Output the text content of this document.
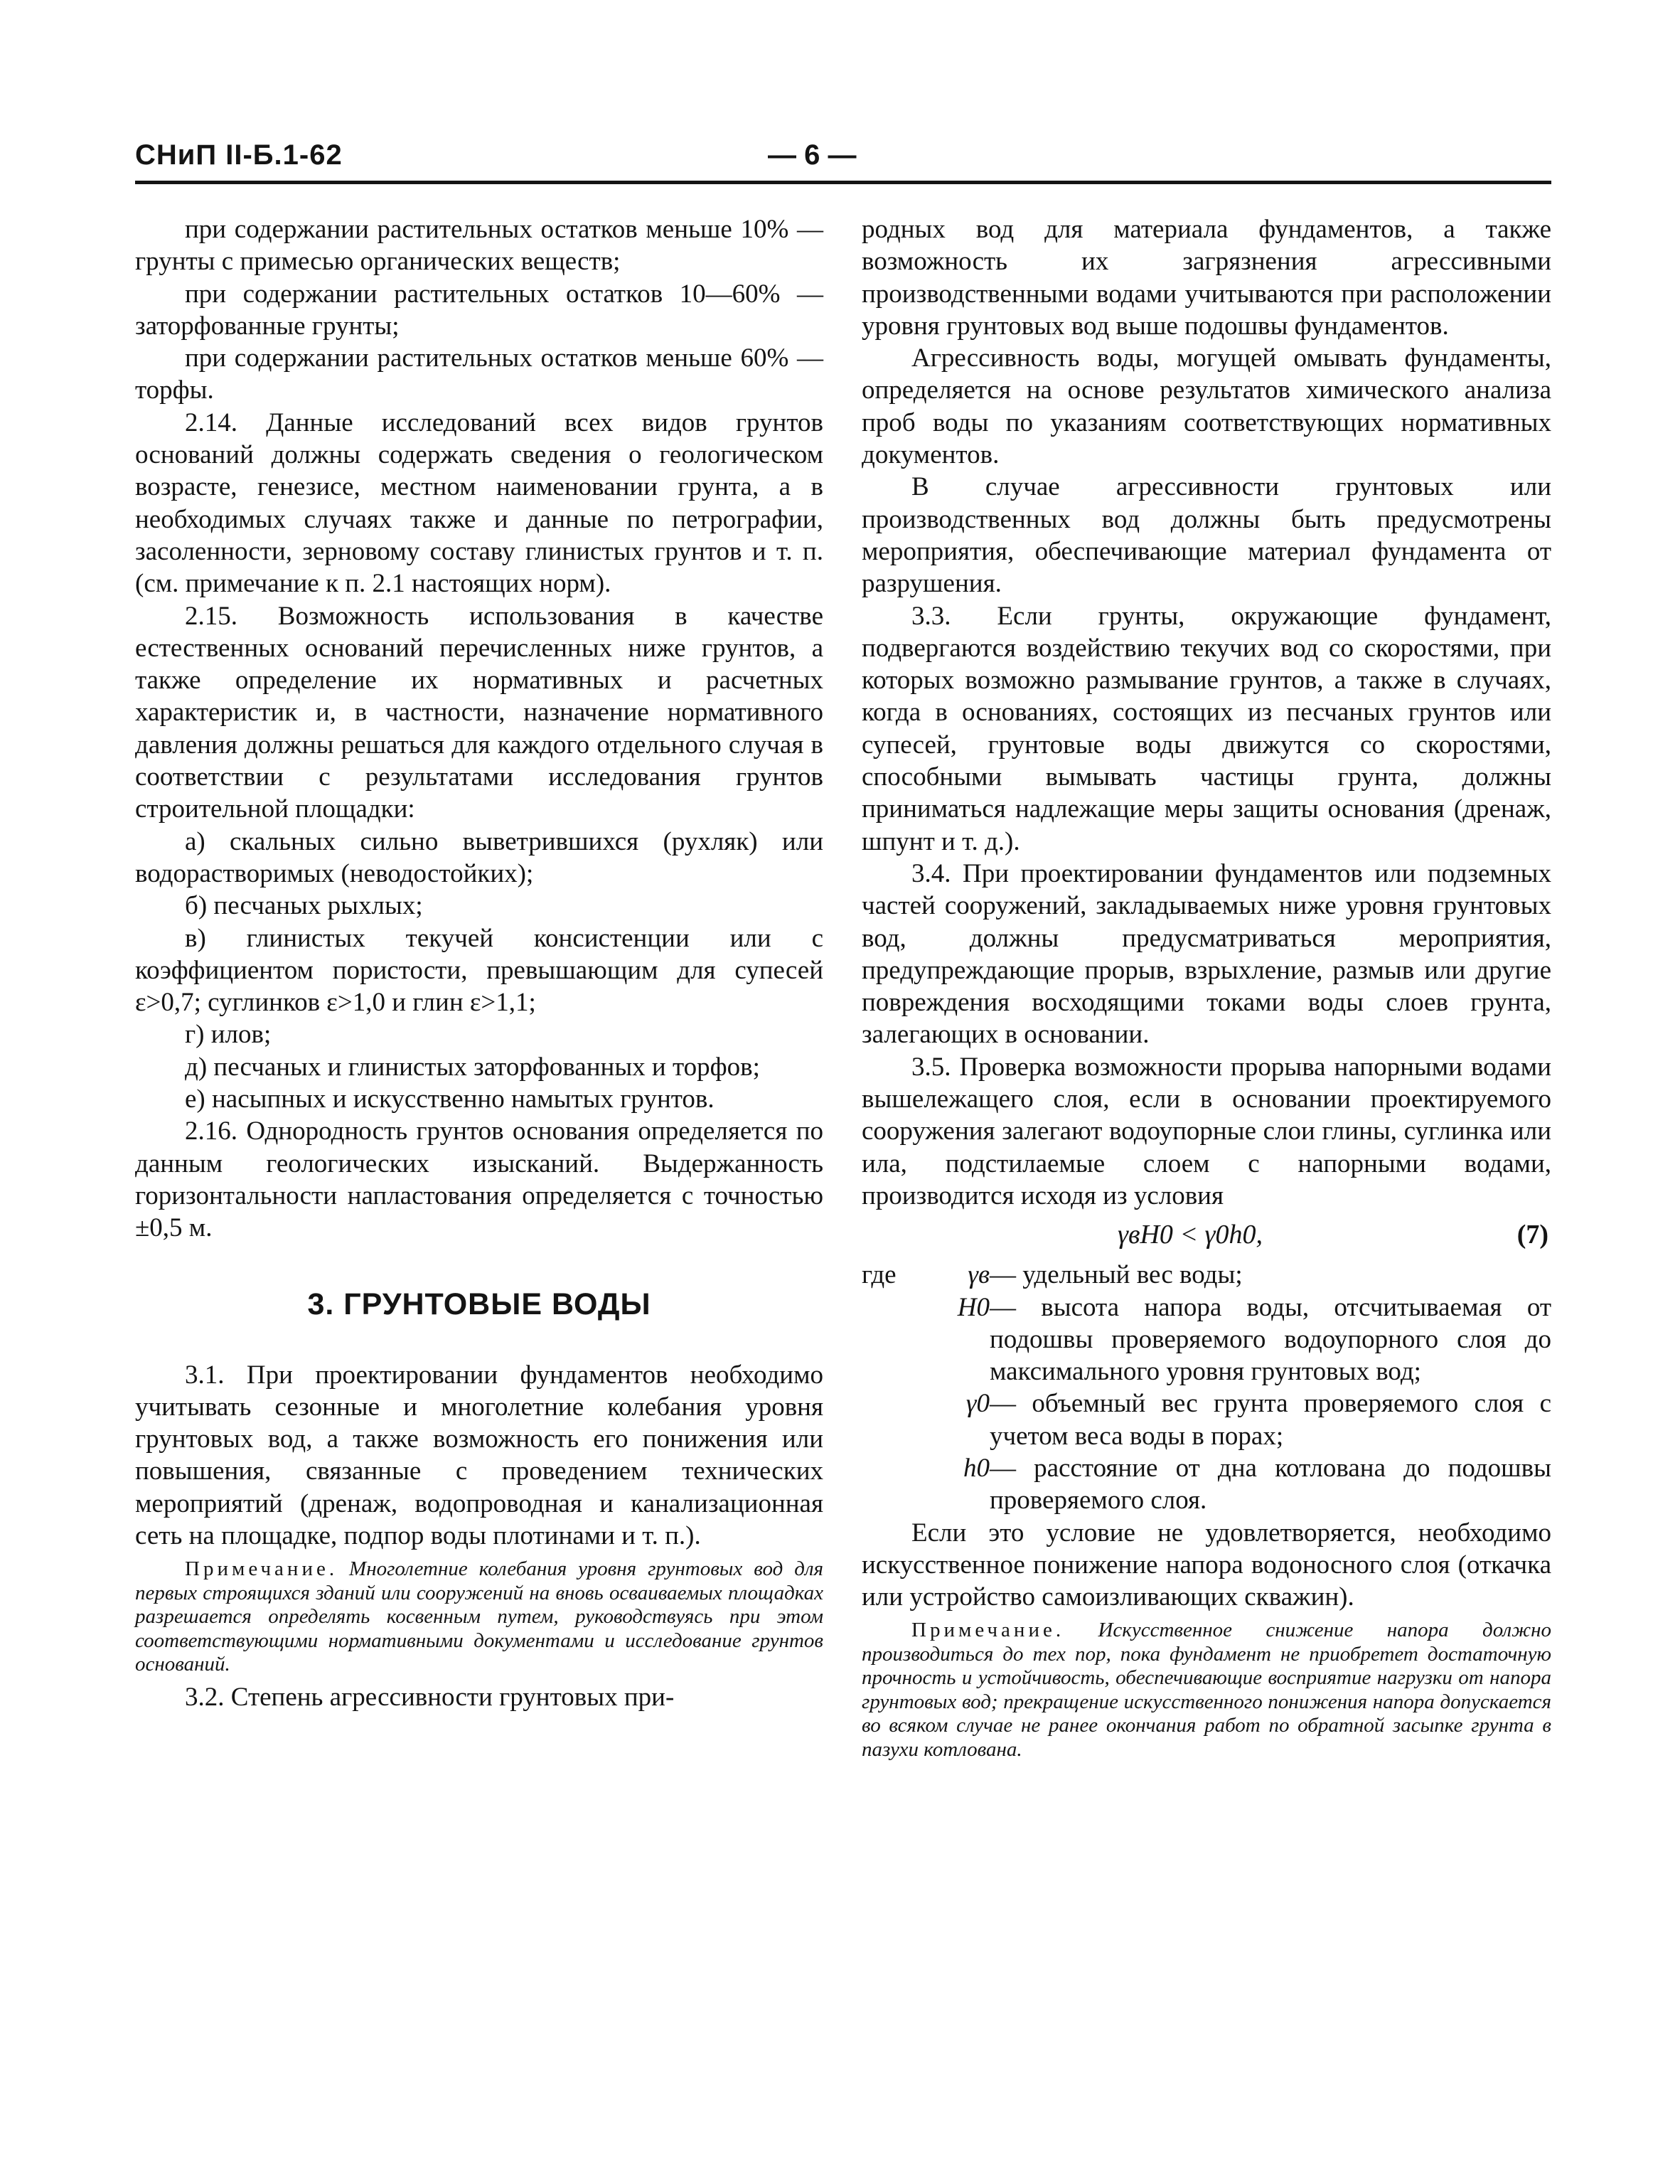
СНиП II-Б.1-62	— 6 —

при содержании растительных остатков меньше 10% — грунты с примесью органических веществ;

при содержании растительных остатков 10—60% — заторфованные грунты;

при содержании растительных остатков меньше 60% — торфы.

2.14. Данные исследований всех видов грунтов оснований должны содержать сведения о геологическом возрасте, генезисе, местном наименовании грунта, а в необходимых случаях также и данные по петрографии, засоленности, зерновому составу глинистых грунтов и т. п. (см. примечание к п. 2.1 настоящих норм).

2.15. Возможность использования в качестве естественных оснований перечисленных ниже грунтов, а также определение их нормативных и расчетных характеристик и, в частности, назначение нормативного давления должны решаться для каждого отдельного случая в соответствии с результатами исследования грунтов строительной площадки:

а) скальных сильно выветрившихся (рухляк) или водорастворимых (неводостойких);

б) песчаных рыхлых;

в) глинистых текучей консистенции или с коэффициентом пористости, превышающим для супесей ε>0,7; суглинков ε>1,0 и глин ε>1,1;

г) илов;

д) песчаных и глинистых заторфованных и торфов;

е) насыпных и искусственно намытых грунтов.

2.16. Однородность грунтов основания определяется по данным геологических изысканий. Выдержанность горизонтальности напластования определяется с точностью ±0,5 м.

3. ГРУНТОВЫЕ ВОДЫ

3.1. При проектировании фундаментов необходимо учитывать сезонные и многолетние колебания уровня грунтовых вод, а также возможность его понижения или повышения, связанные с проведением технических мероприятий (дренаж, водопроводная и канализационная сеть на площадке, подпор воды плотинами и т. п.).

Примечание. Многолетние колебания уровня грунтовых вод для первых строящихся зданий или сооружений на вновь осваиваемых площадках разрешается определять косвенным путем, руководствуясь при этом соответствующими нормативными документами и исследование грунтов оснований.

3.2. Степень агрессивности грунтовых при-

родных вод для материала фундаментов, а также возможность их загрязнения агрессивными производственными водами учитываются при расположении уровня грунтовых вод выше подошвы фундаментов.

Агрессивность воды, могущей омывать фундаменты, определяется на основе результатов химического анализа проб воды по указаниям соответствующих нормативных документов.

В случае агрессивности грунтовых или производственных вод должны быть предусмотрены мероприятия, обеспечивающие материал фундамента от разрушения.

3.3. Если грунты, окружающие фундамент, подвергаются воздействию текучих вод со скоростями, при которых возможно размывание грунтов, а также в случаях, когда в основаниях, состоящих из песчаных грунтов или супесей, грунтовые воды движутся со скоростями, способными вымывать частицы грунта, должны приниматься надлежащие меры защиты основания (дренаж, шпунт и т. д.).

3.4. При проектировании фундаментов или подземных частей сооружений, закладываемых ниже уровня грунтовых вод, должны предусматриваться мероприятия, предупреждающие прорыв, взрыхление, размыв или другие повреждения восходящими токами воды слоев грунта, залегающих в основании.

3.5. Проверка возможности прорыва напорными водами вышележащего слоя, если в основании проектируемого сооружения залегают водоупорные слои глины, суглинка или ила, подстилаемые слоем с напорными водами, производится исходя из условия

γвH0 < γ0h0,	(7)
где	γв — удельный вес воды;
H0 — высота напора воды, отсчитываемая от подошвы проверяемого водоупорного слоя до максимального уровня грунтовых вод;
γ0 — объемный вес грунта проверяемого слоя с учетом веса воды в порах;
h0 — расстояние от дна котлована до подошвы проверяемого слоя.

Если это условие не удовлетворяется, необходимо искусственное понижение напора водоносного слоя (откачка или устройство самоизливающих скважин).

Примечание. Искусственное снижение напора должно производиться до тех пор, пока фундамент не приобретет достаточную прочность и устойчивость, обеспечивающие восприятие нагрузки от напора грунтовых вод; прекращение искусственного понижения напора допускается во всяком случае не ранее окончания работ по обратной засыпке грунта в пазухи котлована.
